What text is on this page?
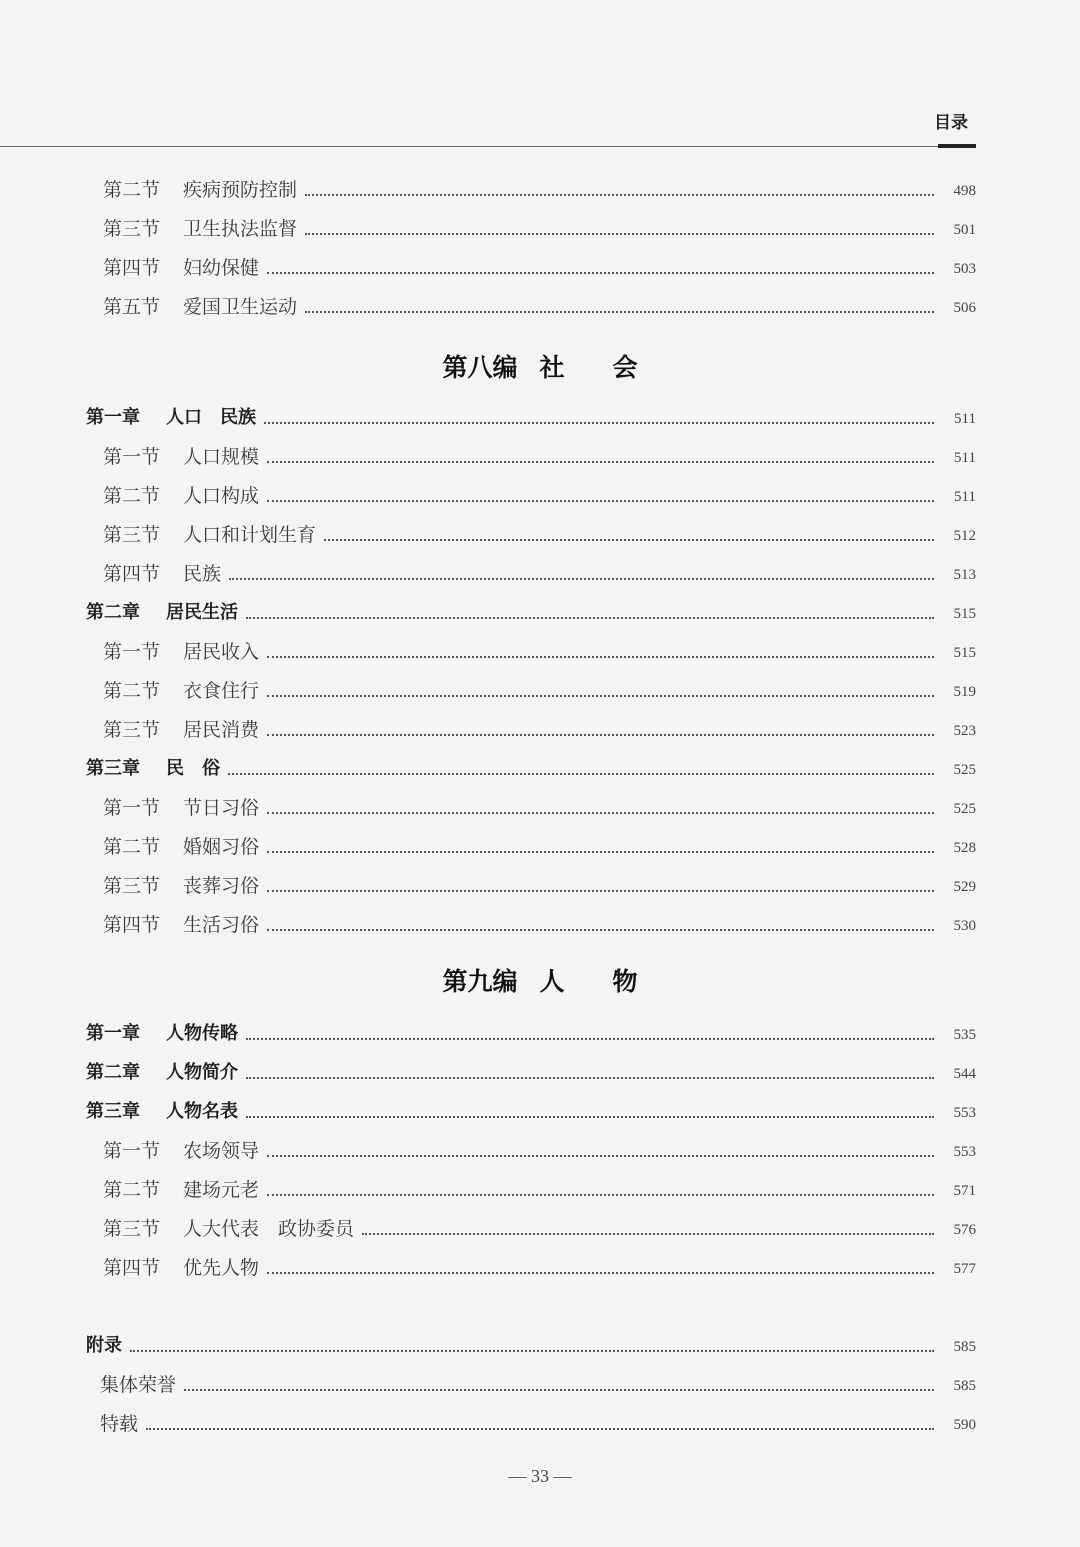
目录
第二节 疾病预防控制	498
第三节 卫生执法监督	501
第四节 妇幼保健	503
第五节 爱国卫生运动	506
第八编 社 会
第一章 人口　民族	511
第一节 人口规模	511
第二节 人口构成	511
第三节 人口和计划生育	512
第四节 民族	513
第二章 居民生活	515
第一节 居民收入	515
第二节 衣食住行	519
第三节 居民消费	523
第三章 民　俗	525
第一节 节日习俗	525
第二节 婚姻习俗	528
第三节 丧葬习俗	529
第四节 生活习俗	530
第九编 人 物
第一章 人物传略	535
第二章 人物简介	544
第三章 人物名表	553
第一节 农场领导	553
第二节 建场元老	571
第三节 人大代表　政协委员	576
第四节 优先人物	577
附录	585
集体荣誉	585
特载	590
— 33 —
